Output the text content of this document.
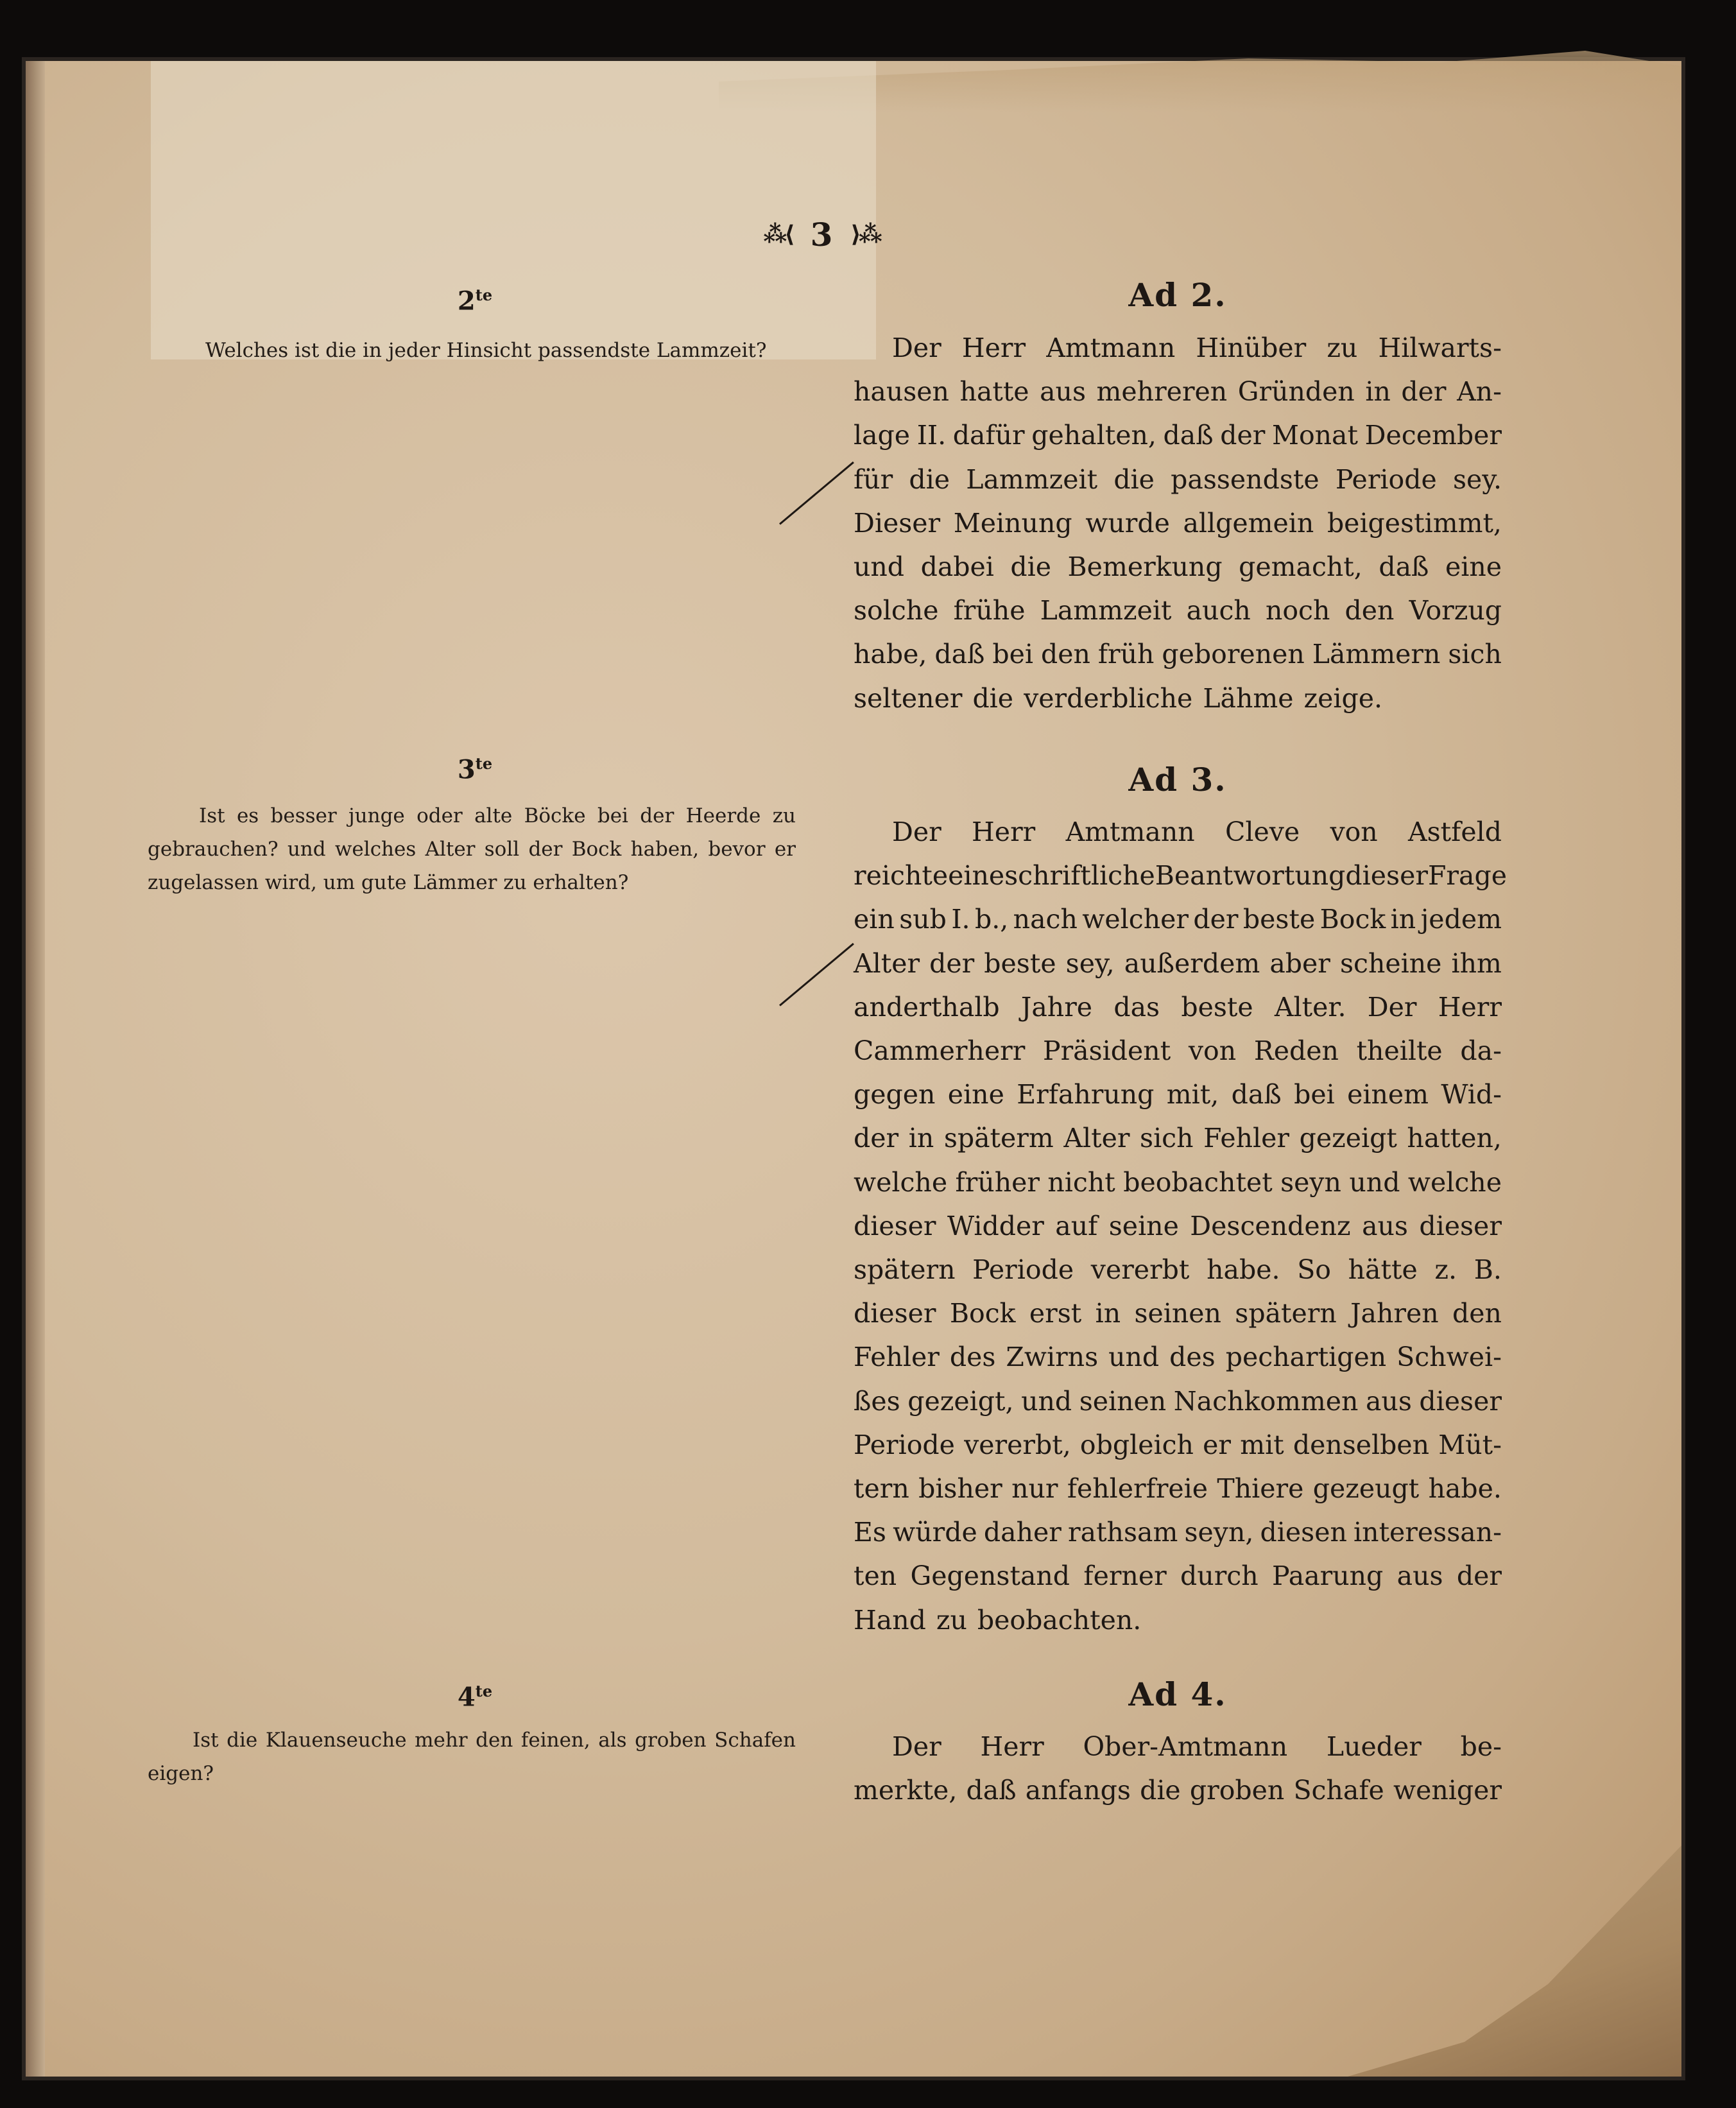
⁂⟨ 3 ⟩⁂
$2^{te}$
Welches ist die in jeder Hinsicht passendste Lammzeit?
$3^{te}$
Ist es besser junge oder alte Böcke bei der Heerde zu gebrauchen? und welches Alter soll der Bock haben, bevor er zugelassen wird, um gute Lämmer zu erhalten?
$4^{te}$
Ist die Klauenseuche mehr den feinen, als groben Schafen eigen?
Ad 2.
Der Herr Amtmann Hinüber zu Hilwarts-
hausen hatte aus mehreren Gründen in der An-
lage II. dafür gehalten, daß der Monat December
für die Lammzeit die passendste Periode sey.
Dieser Meinung wurde allgemein beigestimmt,
und dabei die Bemerkung gemacht, daß eine
solche frühe Lammzeit auch noch den Vorzug
habe, daß bei den früh geborenen Lämmern sich
seltener die verderbliche Lähme zeige.
Ad 3.
Der Herr Amtmann Cleve von Astfeld
reichte eine schriftliche Beantwortung dieser Frage
ein sub I. b., nach welcher der beste Bock in jedem
Alter der beste sey, außerdem aber scheine ihm
anderthalb Jahre das beste Alter. Der Herr
Cammerherr Präsident von Reden theilte da-
gegen eine Erfahrung mit, daß bei einem Wid-
der in späterm Alter sich Fehler gezeigt hatten,
welche früher nicht beobachtet seyn und welche
dieser Widder auf seine Descendenz aus dieser
spätern Periode vererbt habe. So hätte z. B.
dieser Bock erst in seinen spätern Jahren den
Fehler des Zwirns und des pechartigen Schwei-
ßes gezeigt, und seinen Nachkommen aus dieser
Periode vererbt, obgleich er mit denselben Müt-
tern bisher nur fehlerfreie Thiere gezeugt habe.
Es würde daher rathsam seyn, diesen interessan-
ten Gegenstand ferner durch Paarung aus der
Hand zu beobachten.
Ad 4.
Der Herr Ober-Amtmann Lueder be-
merkte, daß anfangs die groben Schafe weniger
